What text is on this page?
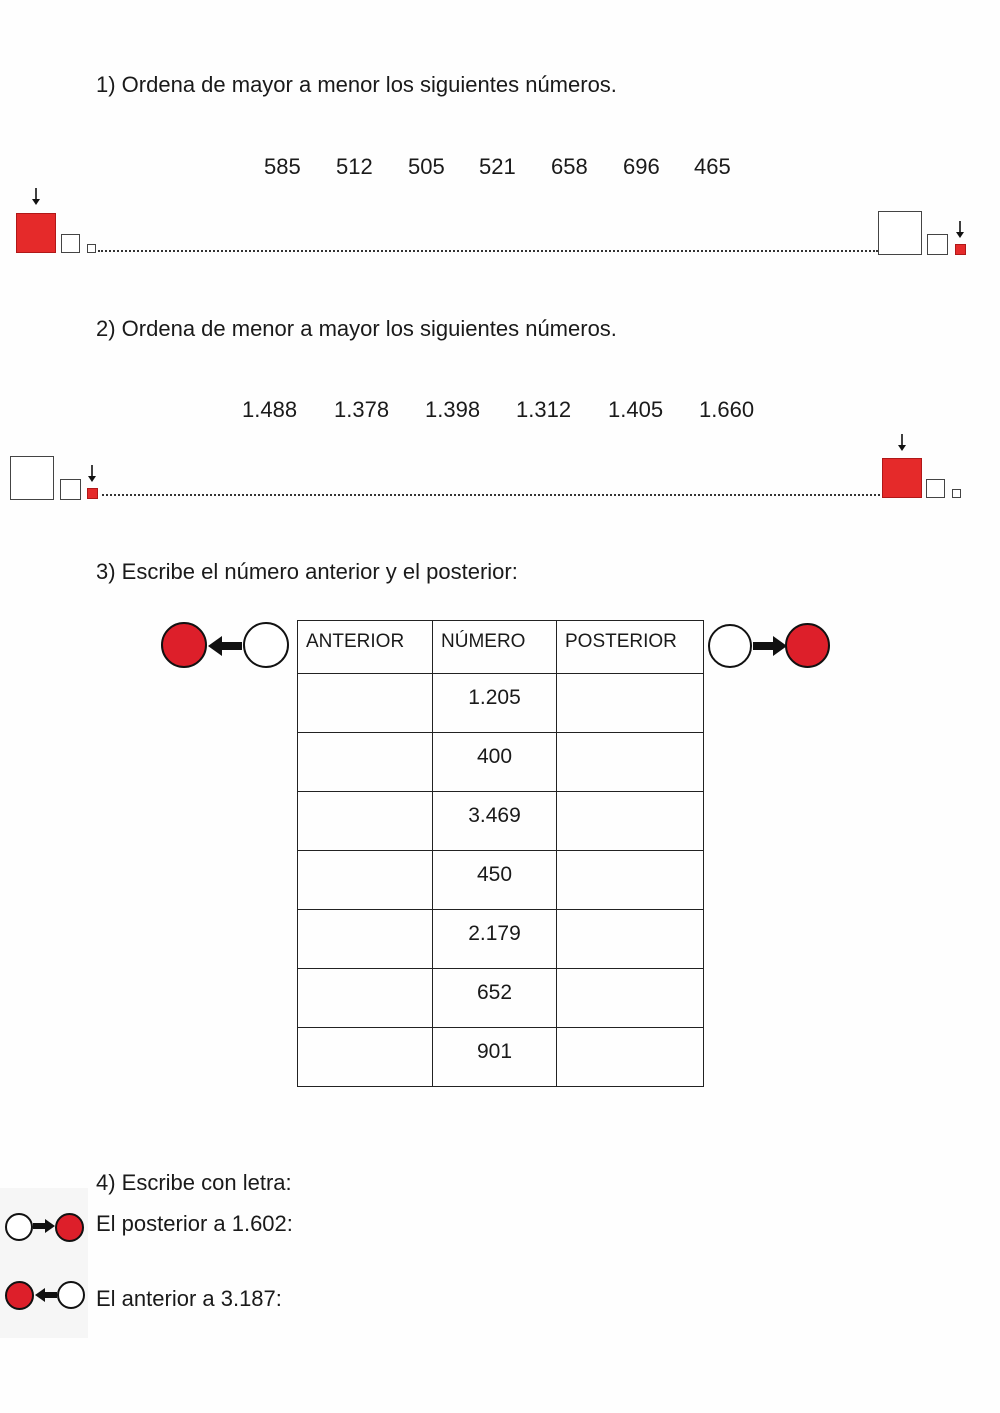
1) Ordena de mayor a menor los siguientes números.
585 512 505 521 658 696 465
2) Ordena de menor a mayor los siguientes números.
1.488 1.378 1.398 1.312 1.405 1.660
3) Escribe el número anterior y el posterior:
ANTERIOR	NÚMERO	POSTERIOR
	1.205	
	400	
	3.469	
	450	
	2.179	
	652	
	901	
4) Escribe con letra:
El posterior a 1.602:
El anterior a 3.187:
